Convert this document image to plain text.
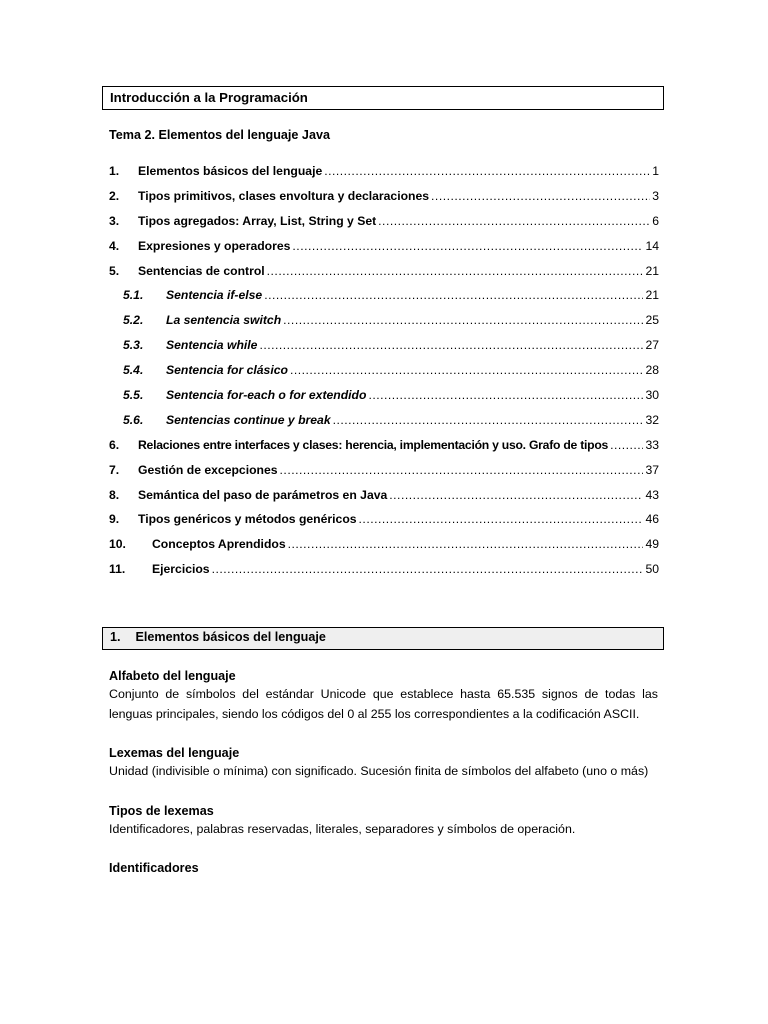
Introducción a la Programación
Tema 2. Elementos del lenguaje Java
1.	Elementos básicos del lenguaje .....	1
2.	Tipos primitivos, clases envoltura y declaraciones .....	3
3.	Tipos agregados: Array, List, String y Set .....	6
4.	Expresiones y operadores .....	14
5.	Sentencias de control .....	21
5.1.	Sentencia if-else .....	21
5.2.	La sentencia switch .....	25
5.3.	Sentencia while .....	27
5.4.	Sentencia for clásico .....	28
5.5.	Sentencia for-each o for extendido .....	30
5.6.	Sentencias continue y break .....	32
6.	Relaciones entre interfaces y clases: herencia, implementación y uso. Grafo de tipos .....	33
7.	Gestión de excepciones .....	37
8.	Semántica del paso de parámetros en Java .....	43
9.	Tipos genéricos y métodos genéricos .....	46
10.	Conceptos Aprendidos .....	49
11.	Ejercicios .....	50
1. Elementos básicos del lenguaje
Alfabeto del lenguaje

Conjunto de símbolos del estándar Unicode que establece hasta 65.535 signos de todas las lenguas principales, siendo los códigos del 0 al 255 los correspondientes a la codificación ASCII.

Lexemas del lenguaje

Unidad (indivisible o mínima) con significado. Sucesión finita de símbolos del alfabeto (uno o más)

Tipos de lexemas

Identificadores, palabras reservadas, literales, separadores y símbolos de operación.

Identificadores
